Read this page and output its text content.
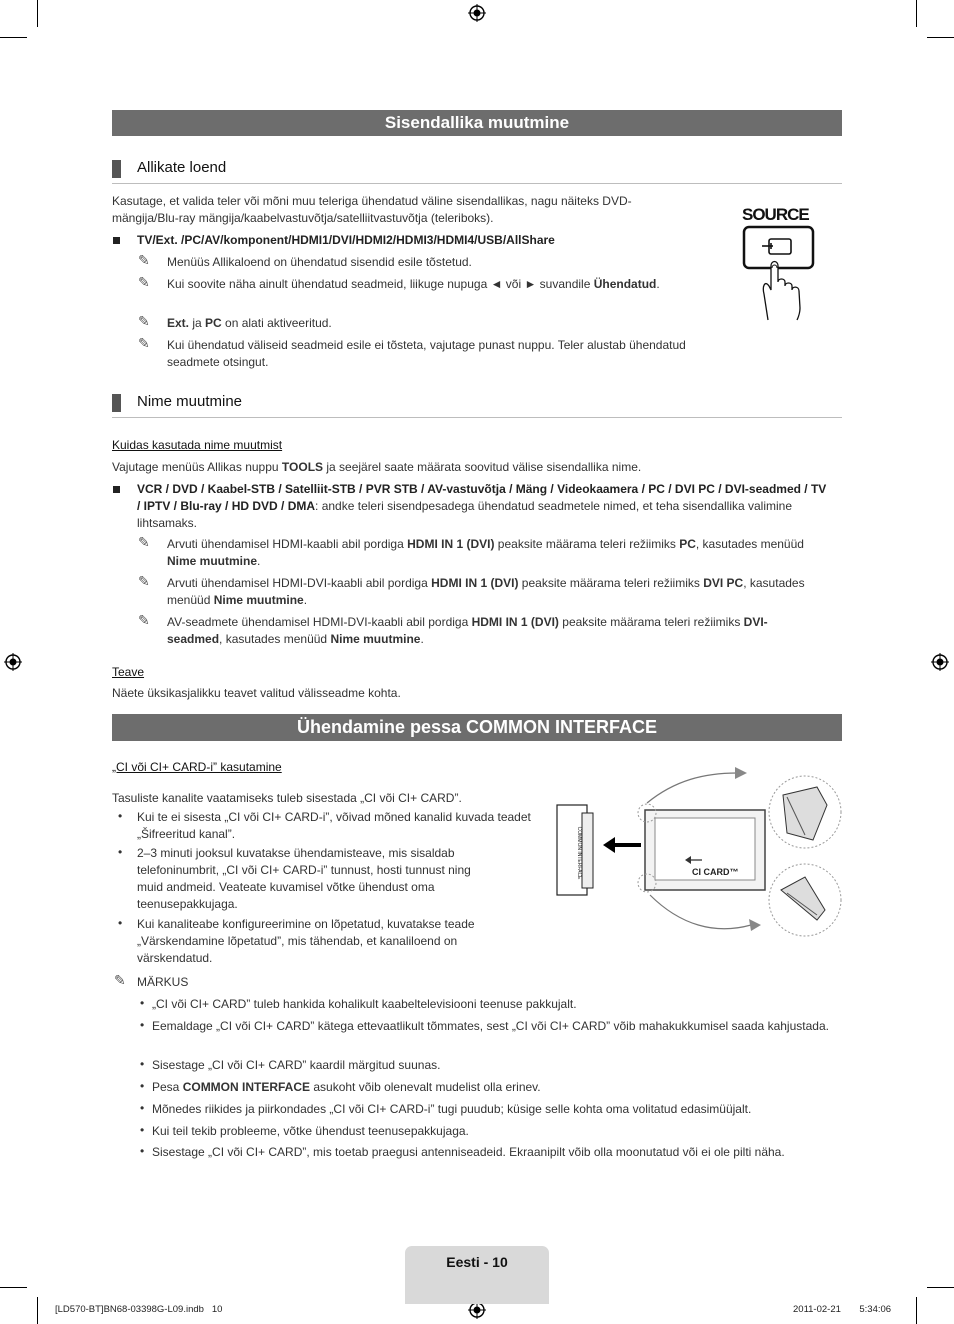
Sisendallika muutmine
Allikate loend
Kasutage, et valida teler või mõni muu teleriga ühendatud väline sisendallikas, nagu näiteks DVD-mängija/Blu-ray mängija/kaabelvastuvõtja/satelliitvastuvõtja (teleriboks).
TV/Ext. /PC/AV/komponent/HDMI1/DVI/HDMI2/HDMI3/HDMI4/USB/AllShare
✎ Menüüs Allikaloend on ühendatud sisendid esile tõstetud.
✎ Kui soovite näha ainult ühendatud seadmeid, liikuge nupuga ◄ või ► suvandile Ühendatud.
✎ Ext. ja PC on alati aktiveeritud.
✎ Kui ühendatud väliseid seadmeid esile ei tõsteta, vajutage punast nuppu. Teler alustab ühendatud seadmete otsingut.
SOURCE
Nime muutmine
Kuidas kasutada nime muutmist
Vajutage menüüs Allikas nuppu TOOLS ja seejärel saate määrata soovitud välise sisendallika nime.
VCR / DVD / Kaabel-STB / Satelliit-STB / PVR STB / AV-vastuvõtja / Mäng / Videokaamera / PC / DVI PC / DVI-seadmed / TV / IPTV / Blu-ray / HD DVD / DMA: andke teleri sisendpesadega ühendatud seadmetele nimed, et teha sisendallika valimine lihtsamaks.
✎ Arvuti ühendamisel HDMI-kaabli abil pordiga HDMI IN 1 (DVI) peaksite määrama teleri režiimiks PC, kasutades menüüd Nime muutmine.
✎ Arvuti ühendamisel HDMI-DVI-kaabli abil pordiga HDMI IN 1 (DVI) peaksite määrama teleri režiimiks DVI PC, kasutades menüüd Nime muutmine.
✎ AV-seadmete ühendamisel HDMI-DVI-kaabli abil pordiga HDMI IN 1 (DVI) peaksite määrama teleri režiimiks DVI-seadmed, kasutades menüüd Nime muutmine.
Teave
Näete üksikasjalikku teavet valitud välisseadme kohta.
Ühendamine pessa COMMON INTERFACE
„CI või CI+ CARD-i” kasutamine
Tasuliste kanalite vaatamiseks tuleb sisestada „CI või CI+ CARD”.
• Kui te ei sisesta „CI või CI+ CARD-i”, võivad mõned kanalid kuvada teadet „Šifreeritud kanal”.
• 2–3 minuti jooksul kuvatakse ühendamisteave, mis sisaldab telefoninumbrit, „CI või CI+ CARD-i” tunnust, hosti tunnust ning muid andmeid. Veateate kuvamisel võtke ühendust oma teenusepakkujaga.
• Kui kanaliteabe konfigureerimine on lõpetatud, kuvatakse teade „Värskendamine lõpetatud”, mis tähendab, et kanaliloend on värskendatud.
✎ MÄRKUS
• „CI või CI+ CARD” tuleb hankida kohalikult kaabeltelevisiooni teenuse pakkujalt.
• Eemaldage „CI või CI+ CARD” kätega ettevaatlikult tõmmates, sest „CI või CI+ CARD” võib mahakukkumisel saada kahjustada.
• Sisestage „CI või CI+ CARD” kaardil märgitud suunas.
• Pesa COMMON INTERFACE asukoht võib olenevalt mudelist olla erinev.
• Mõnedes riikides ja piirkondades „CI või CI+ CARD-i” tugi puudub; küsige selle kohta oma volitatud edasimüüjalt.
• Kui teil tekib probleeme, võtke ühendust teenusepakkujaga.
• Sisestage „CI või CI+ CARD”, mis toetab praegusi antenniseadeid. Ekraanipilt võib olla moonutatud või ei ole pilti näha.
CI CARD™
COMMON INTERFACE
Eesti - 10
[LD570-BT]BN68-03398G-L09.indb   10	2011-02-21       5:34:06
